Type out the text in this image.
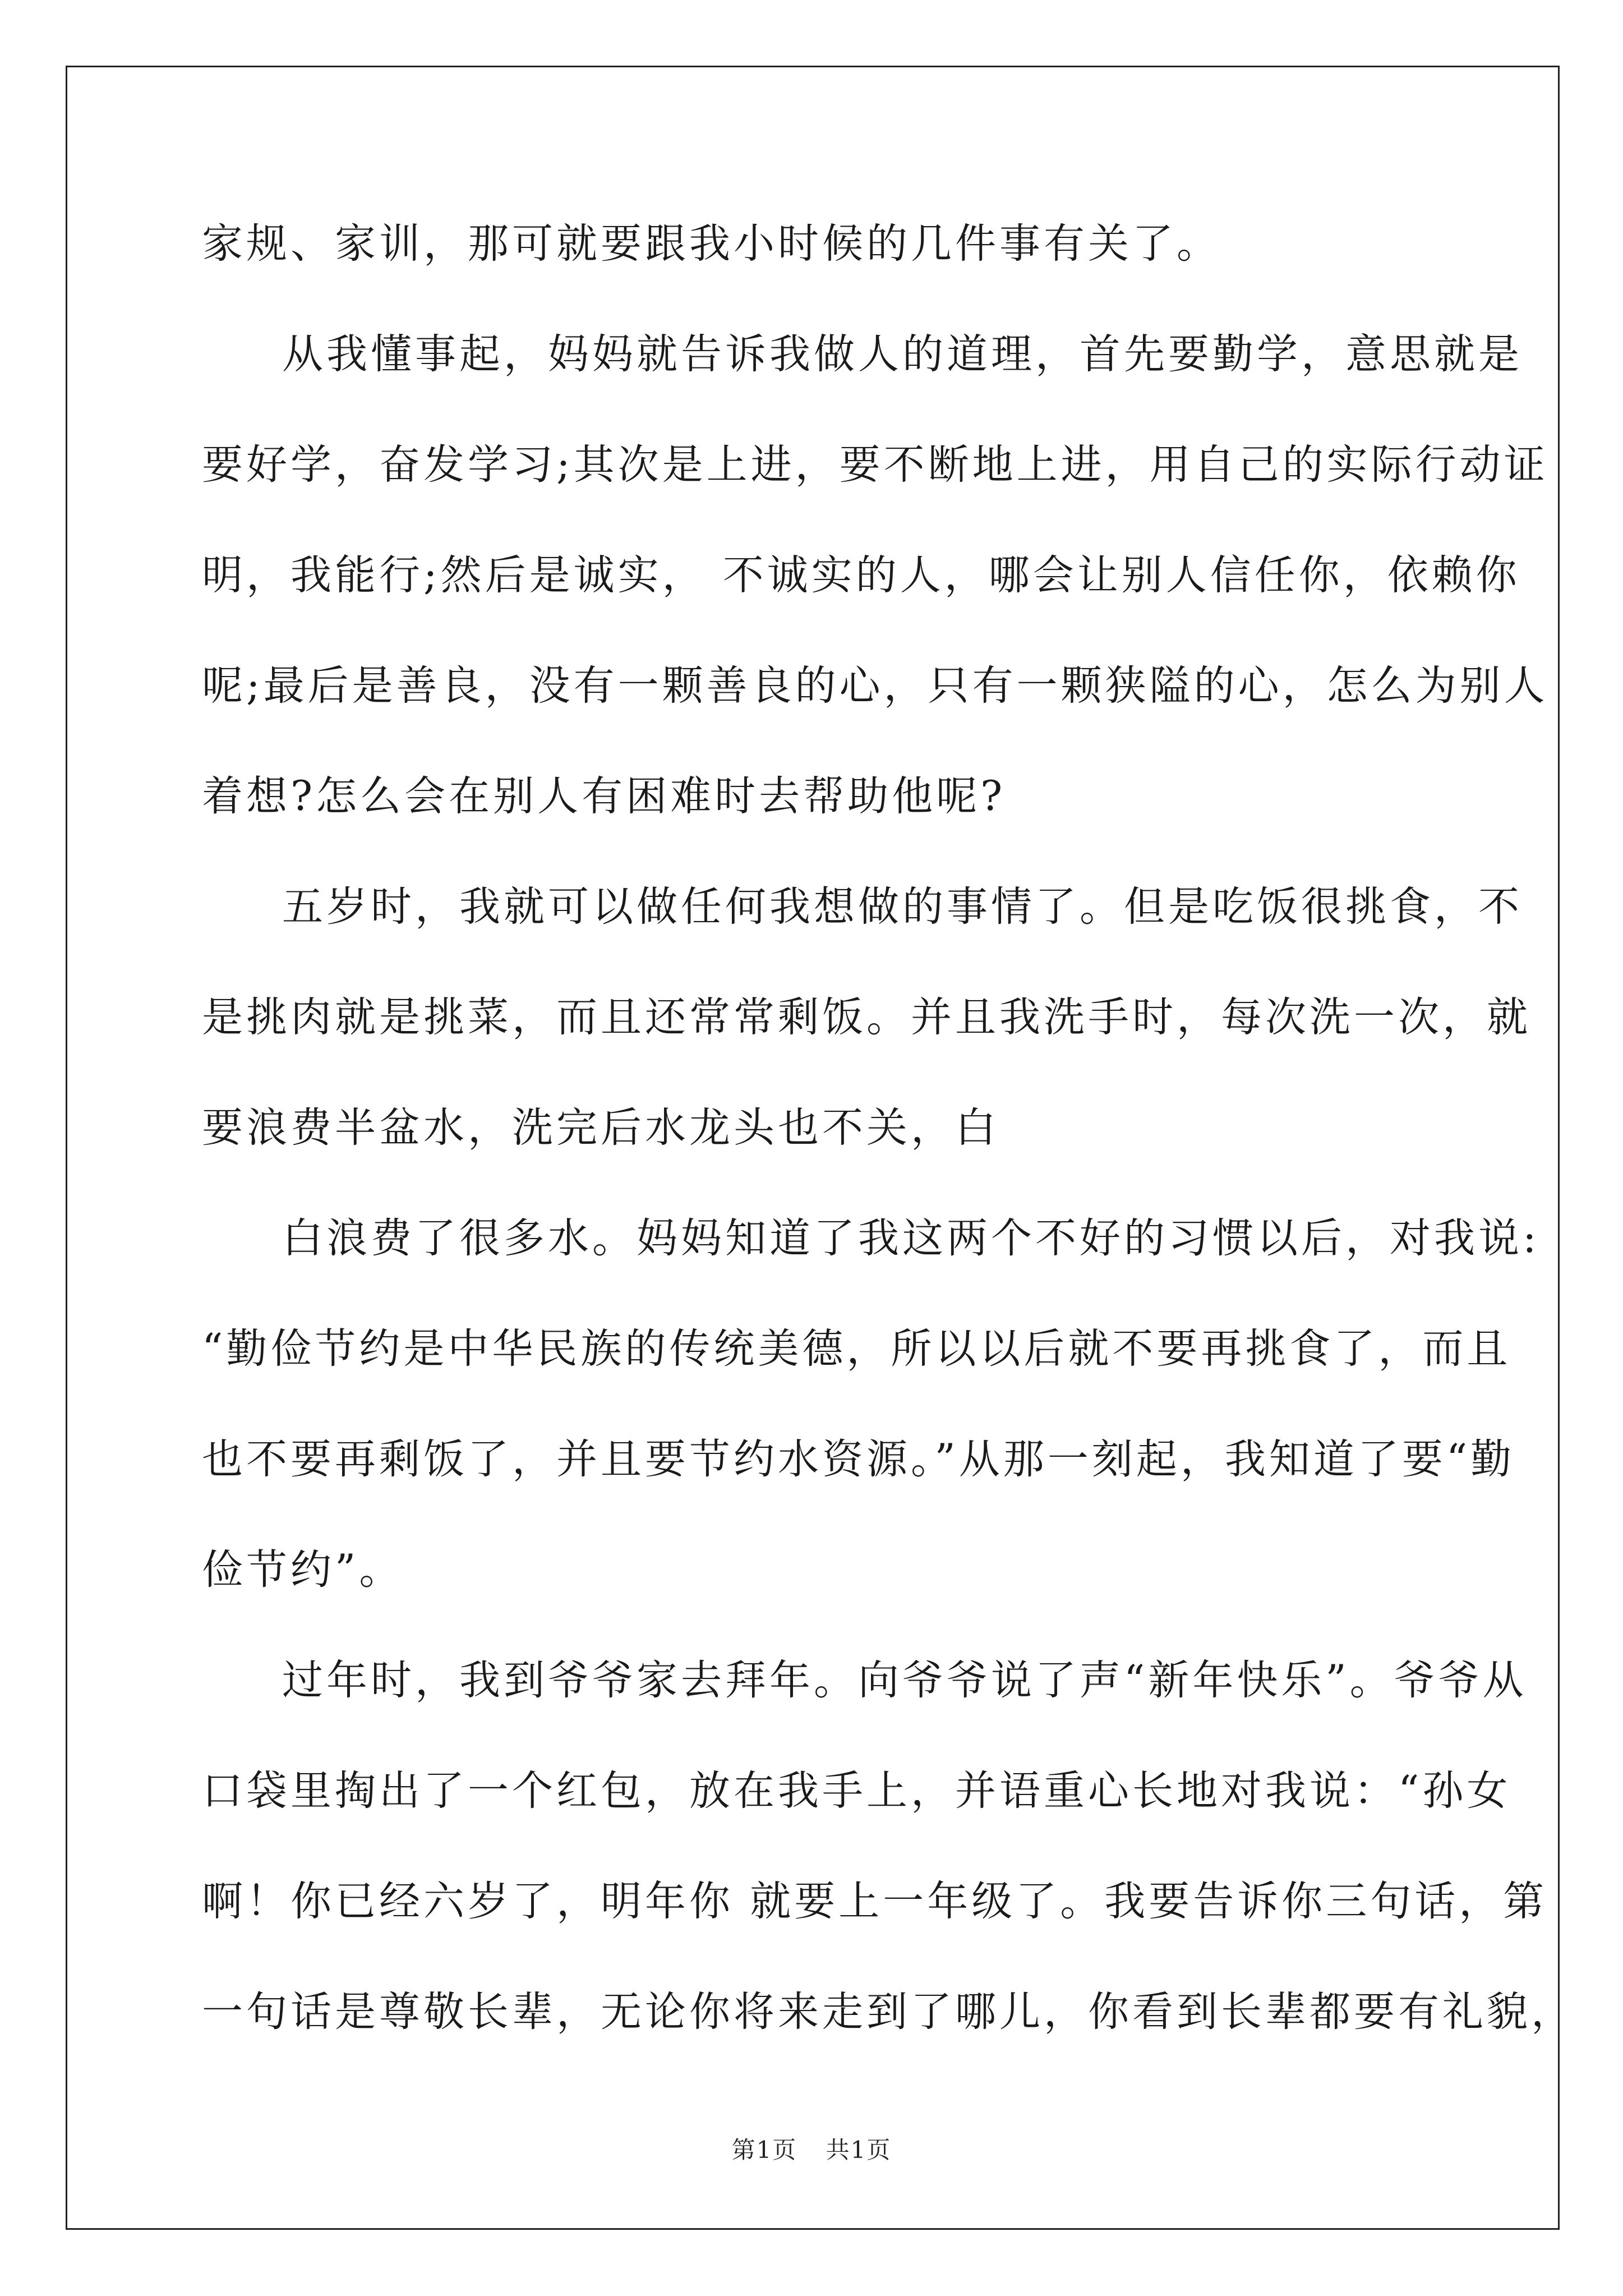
家规、家训，那可就要跟我小时候的几件事有关了。
从我懂事起，妈妈就告诉我做人的道理，首先要勤学，意思就是
要好学，奋发学习;其次是上进，要不断地上进，用自己的实际行动证
明，我能行;然后是诚实， 不诚实的人，哪会让别人信任你，依赖你
呢;最后是善良，没有一颗善良的心，只有一颗狭隘的心，怎么为别人
着想?怎么会在别人有困难时去帮助他呢?
五岁时，我就可以做任何我想做的事情了。但是吃饭很挑食，不
是挑肉就是挑菜，而且还常常剩饭。并且我洗手时，每次洗一次，就
要浪费半盆水，洗完后水龙头也不关，白
白浪费了很多水。妈妈知道了我这两个不好的习惯以后，对我说:
“勤俭节约是中华民族的传统美德，所以以后就不要再挑食了，而且
也不要再剩饭了，并且要节约水资源。”从那一刻起，我知道了要“勤
俭节约”。
过年时，我到爷爷家去拜年。向爷爷说了声“新年快乐”。爷爷从
口袋里掏出了一个红包，放在我手上，并语重心长地对我说：“孙女
啊！你已经六岁了，明年你 就要上一年级了。我要告诉你三句话，第
一句话是尊敬长辈，无论你将来走到了哪儿，你看到长辈都要有礼貌，
第1页 共1页
